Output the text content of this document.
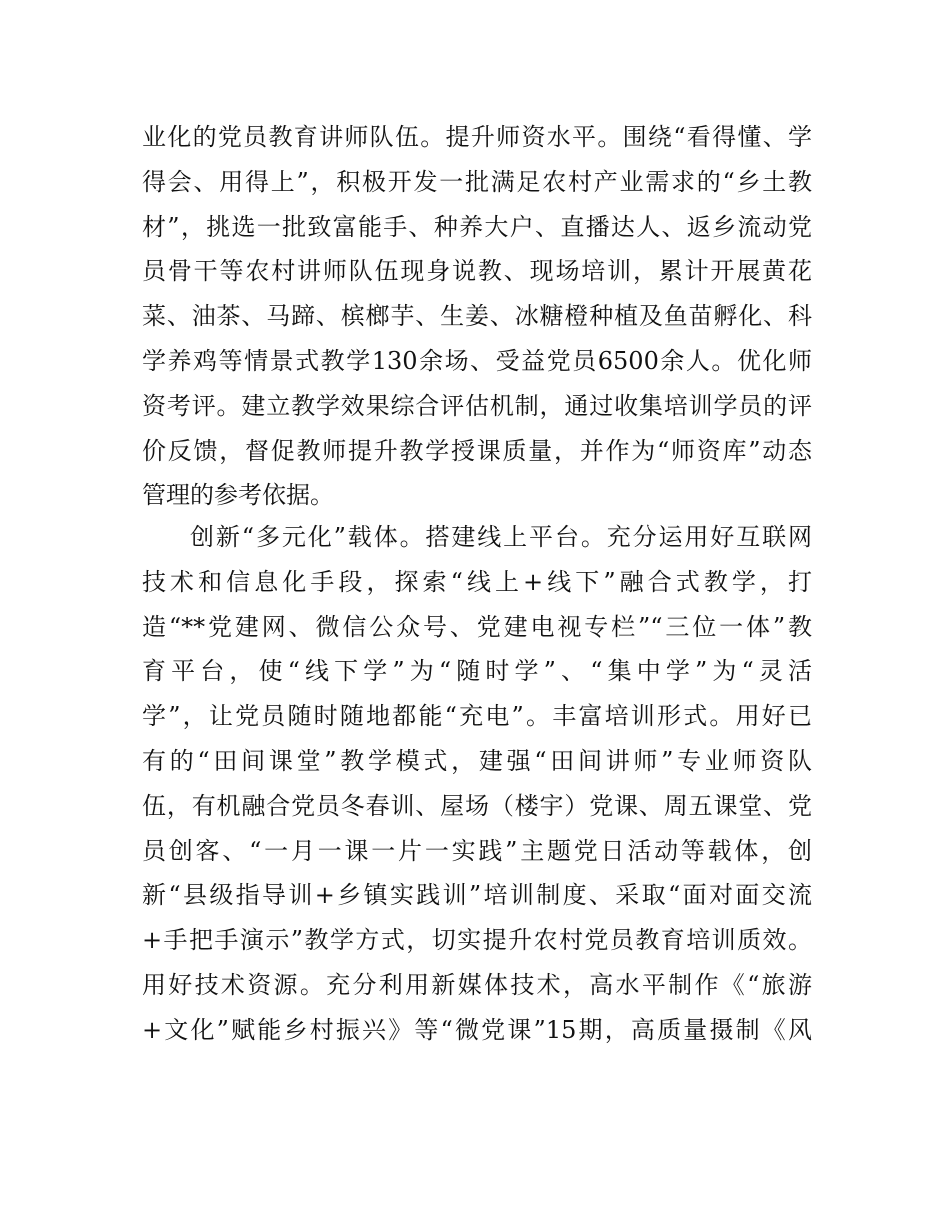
业化的党员教育讲师队伍。提升师资水平。围绕“看得懂、学
得会、用得上”，积极开发一批满足农村产业需求的“乡土教
材”，挑选一批致富能手、种养大户、直播达人、返乡流动党
员骨干等农村讲师队伍现身说教、现场培训，累计开展黄花
菜、油茶、马蹄、槟榔芋、生姜、冰糖橙种植及鱼苗孵化、科
学养鸡等情景式教学130余场、受益党员6500余人。优化师
资考评。建立教学效果综合评估机制，通过收集培训学员的评
价反馈，督促教师提升教学授课质量，并作为“师资库”动态
管理的参考依据。
创新“多元化”载体。搭建线上平台。充分运用好互联网
技术和信息化手段，探索“线上+线下”融合式教学，打
造“**党建网、微信公众号、党建电视专栏”“三位一体”教
育平台，使“线下学”为“随时学”、“集中学”为“灵活
学”，让党员随时随地都能“充电”。丰富培训形式。用好已
有的“田间课堂”教学模式，建强“田间讲师”专业师资队
伍，有机融合党员冬春训、屋场（楼宇）党课、周五课堂、党
员创客、“一月一课一片一实践”主题党日活动等载体，创
新“县级指导训+乡镇实践训”培训制度、采取“面对面交流
+手把手演示”教学方式，切实提升农村党员教育培训质效。
用好技术资源。充分利用新媒体技术，高水平制作《“旅游
+文化”赋能乡村振兴》等“微党课”15期，高质量摄制《风
